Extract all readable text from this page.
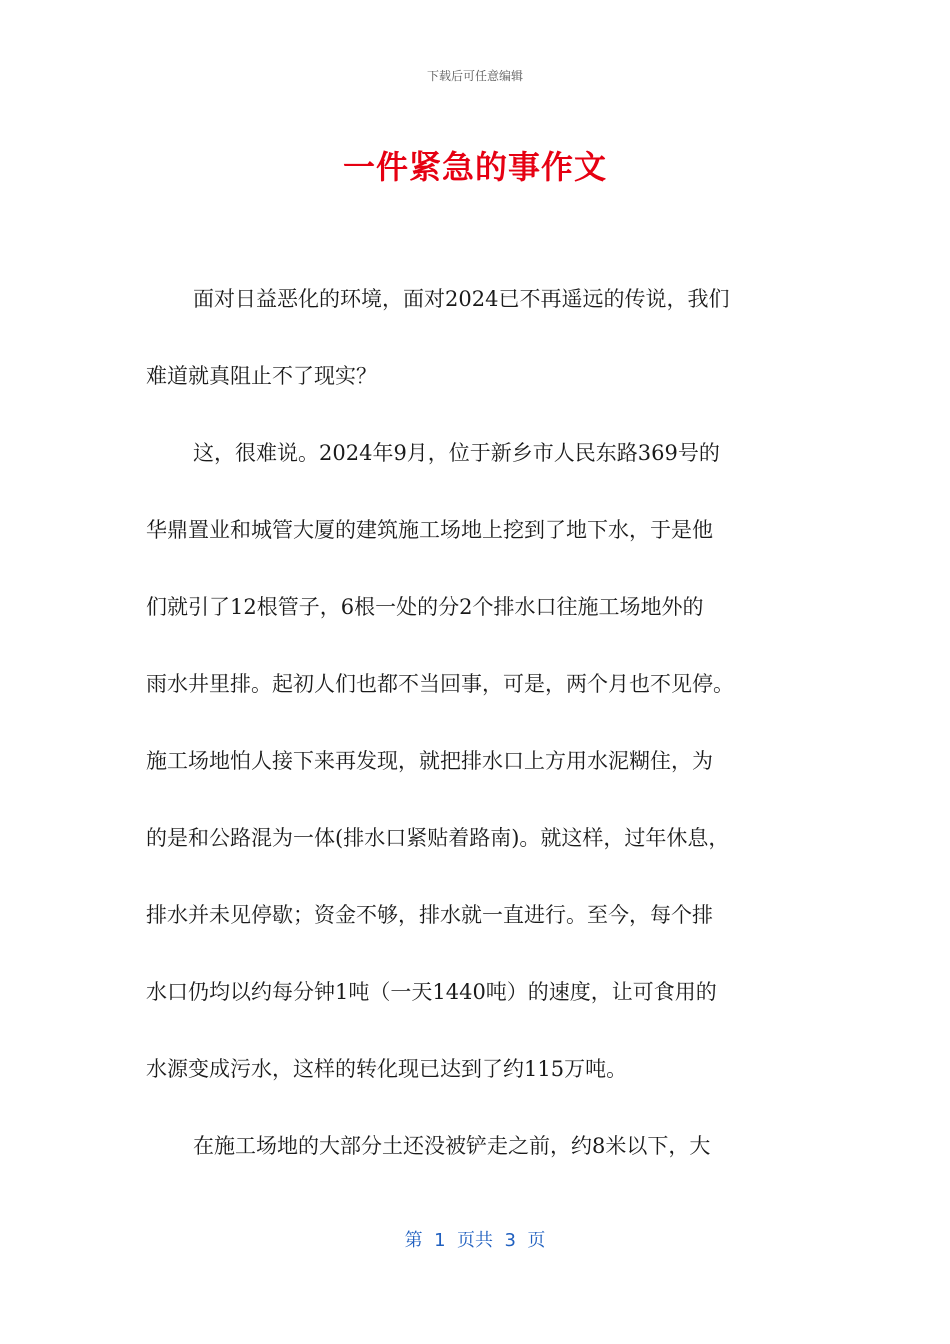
下载后可任意编辑
一件紧急的事作文
面对日益恶化的环境，面对2024已不再遥远的传说，我们
难道就真阻止不了现实？
这，很难说。2024年9月，位于新乡市人民东路369号的
华鼎置业和城管大厦的建筑施工场地上挖到了地下水，于是他
们就引了12根管子，6根一处的分2个排水口往施工场地外的
雨水井里排。起初人们也都不当回事，可是，两个月也不见停。
施工场地怕人接下来再发现，就把排水口上方用水泥糊住，为
的是和公路混为一体(排水口紧贴着路南)。就这样，过年休息，
排水并未见停歇；资金不够，排水就一直进行。至今，每个排
水口仍均以约每分钟1吨（一天1440吨）的速度，让可食用的
水源变成污水，这样的转化现已达到了约115万吨。
在施工场地的大部分土还没被铲走之前，约8米以下，大
第  1  页共  3  页
